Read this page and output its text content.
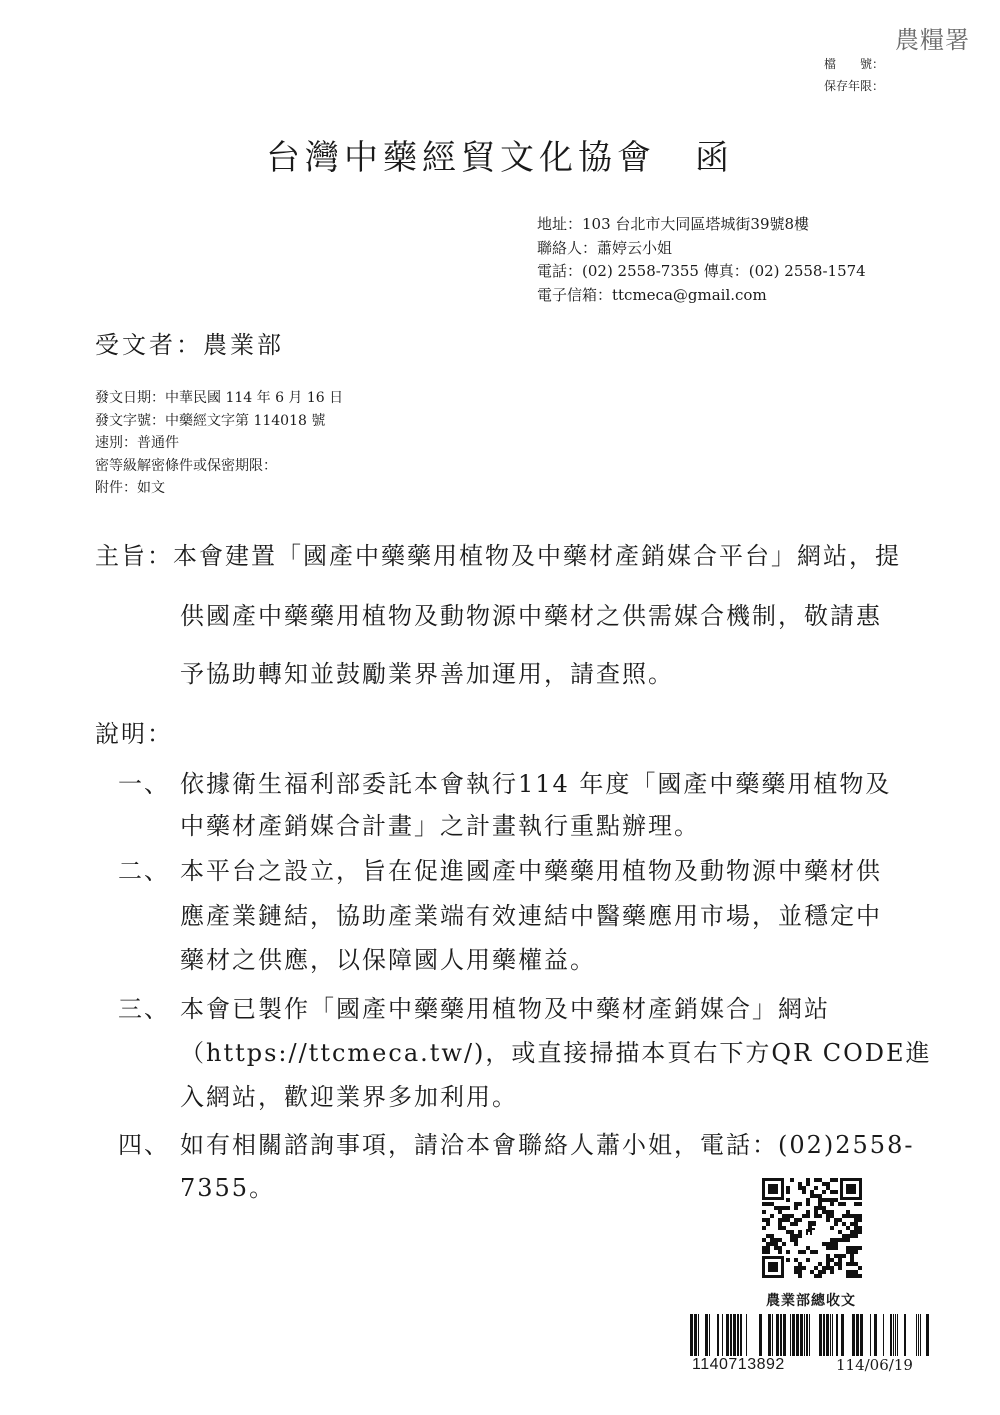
農糧署
檔　　號：
保存年限：
台灣中藥經貿文化協會　函
地址：103 台北市大同區塔城街39號8樓
聯絡人：蕭婷云小姐
電話：(02) 2558-7355 傳真：(02) 2558-1574
電子信箱：ttcmeca@gmail.com
受文者：農業部
發文日期：中華民國 114 年 6 月 16 日
發文字號：中藥經文字第 114018 號
速別：普通件
密等級解密條件或保密期限：
附件：如文
主旨：本會建置「國產中藥藥用植物及中藥材產銷媒合平台」網站，提
供國產中藥藥用植物及動物源中藥材之供需媒合機制，敬請惠
予協助轉知並鼓勵業界善加運用，請查照。
說明：
一、 依據衛生福利部委託本會執行114 年度「國產中藥藥用植物及
中藥材產銷媒合計畫」之計畫執行重點辦理。
二、 本平台之設立，旨在促進國產中藥藥用植物及動物源中藥材供
應產業鏈結，協助產業端有效連結中醫藥應用市場，並穩定中
藥材之供應，以保障國人用藥權益。
三、 本會已製作「國產中藥藥用植物及中藥材產銷媒合」網站
（https://ttcmeca.tw/)，或直接掃描本頁右下方QR CODE進
入網站，歡迎業界多加利用。
四、 如有相關諮詢事項，請洽本會聯絡人蕭小姐，電話：(02)2558-
7355。
農業部總收文
1140713892	114/06/19
